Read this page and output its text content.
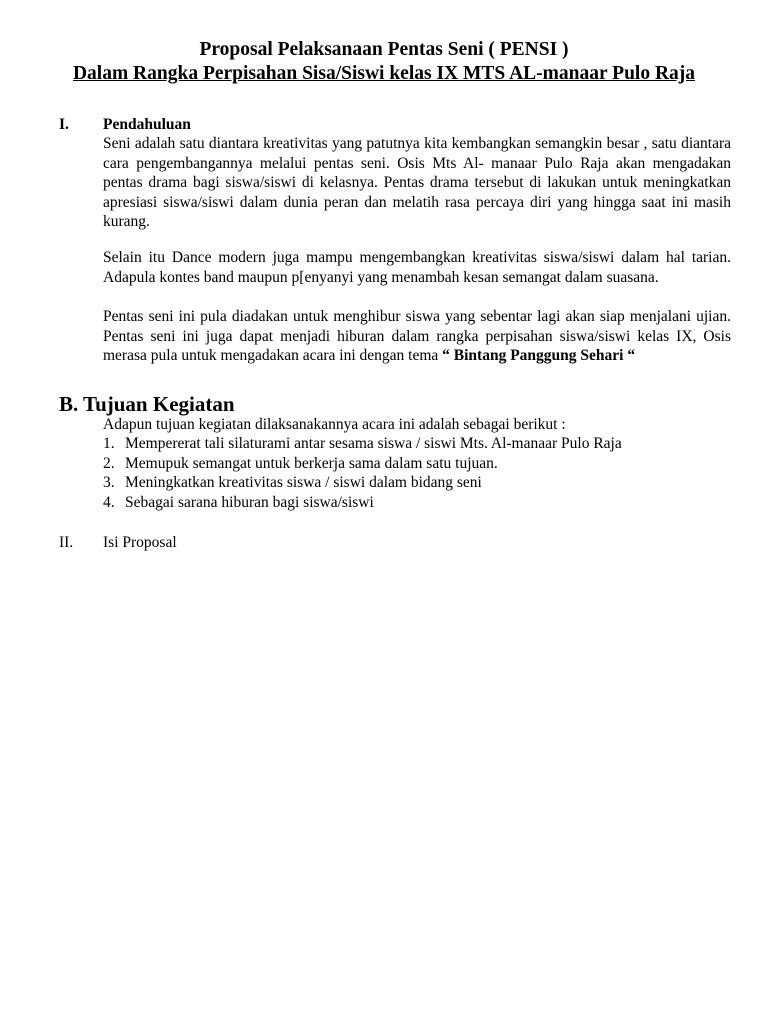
Proposal Pelaksanaan Pentas Seni ( PENSI )
Dalam Rangka Perpisahan Sisa/Siswi kelas IX MTS AL-manaar Pulo Raja
I. Pendahuluan

Seni adalah satu diantara kreativitas yang patutnya kita kembangkan semangkin besar , satu diantara cara pengembangannya melalui pentas seni. Osis Mts Al- manaar Pulo Raja akan mengadakan pentas drama bagi siswa/siswi di kelasnya. Pentas drama tersebut di lakukan untuk meningkatkan apresiasi siswa/siswi dalam dunia peran dan melatih rasa percaya diri yang hingga saat ini masih kurang.

Selain itu Dance modern juga mampu mengembangkan kreativitas siswa/siswi dalam hal tarian. Adapula kontes band maupun p[enyanyi yang menambah kesan semangat dalam suasana.

Pentas seni ini pula diadakan untuk menghibur siswa yang sebentar lagi akan siap menjalani ujian. Pentas seni ini juga dapat menjadi hiburan dalam rangka perpisahan siswa/siswi kelas IX, Osis merasa pula untuk mengadakan acara ini dengan tema “ Bintang Panggung Sehari “

B. Tujuan Kegiatan
Adapun tujuan kegiatan dilaksanakannya acara ini adalah sebagai berikut :
1. Mempererat tali silaturami antar sesama siswa / siswi Mts. Al-manaar Pulo Raja
2. Memupuk semangat untuk berkerja sama dalam satu tujuan.
3. Meningkatkan kreativitas siswa / siswi dalam bidang seni
4. Sebagai sarana hiburan bagi siswa/siswi
II. Isi Proposal
